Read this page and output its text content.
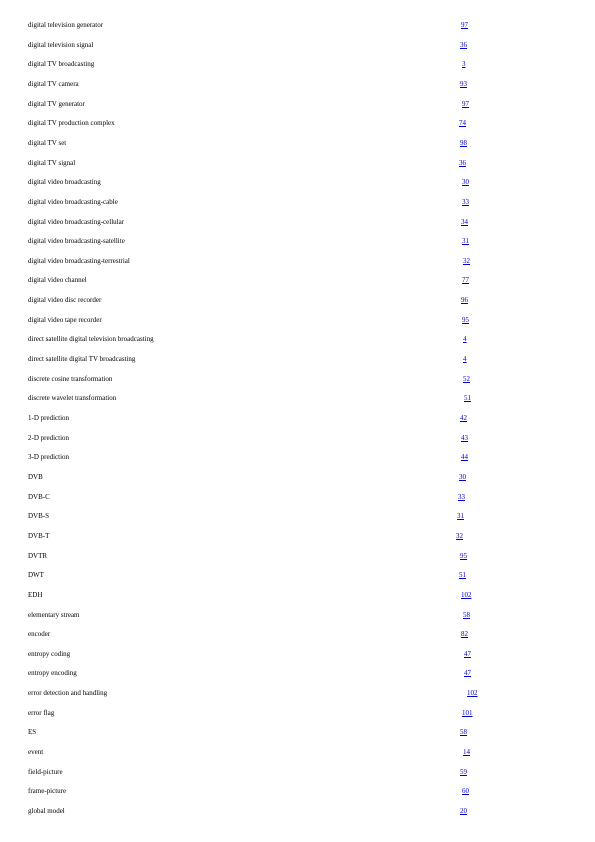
digital television generator	97
digital television signal	36
digital TV broadcasting	3
digital TV camera	93
digital TV generator	97
digital TV production complex	74
digital TV set	98
digital TV signal	36
digital video broadcasting	30
digital video broadcasting-cable	33
digital video broadcasting-cellular	34
digital video broadcasting-satellite	31
digital video broadcasting-terrestrial	32
digital video channel	77
digital video disc recorder	96
digital video tape recorder	95
direct satellite digital television broadcasting	4
direct satellite digital TV broadcasting	4
discrete cosine transformation	52
discrete wavelet transformation	51
1-D prediction	42
2-D prediction	43
3-D prediction	44
DVB	30
DVB-C	33
DVB-S	31
DVB-T	32
DVTR	95
DWT	51
EDH	102
elementary stream	58
encoder	82
entropy coding	47
entropy encoding	47
error detection and handling	102
error flag	101
ES	58
event	14
field-picture	59
frame-picture	60
global model	20
